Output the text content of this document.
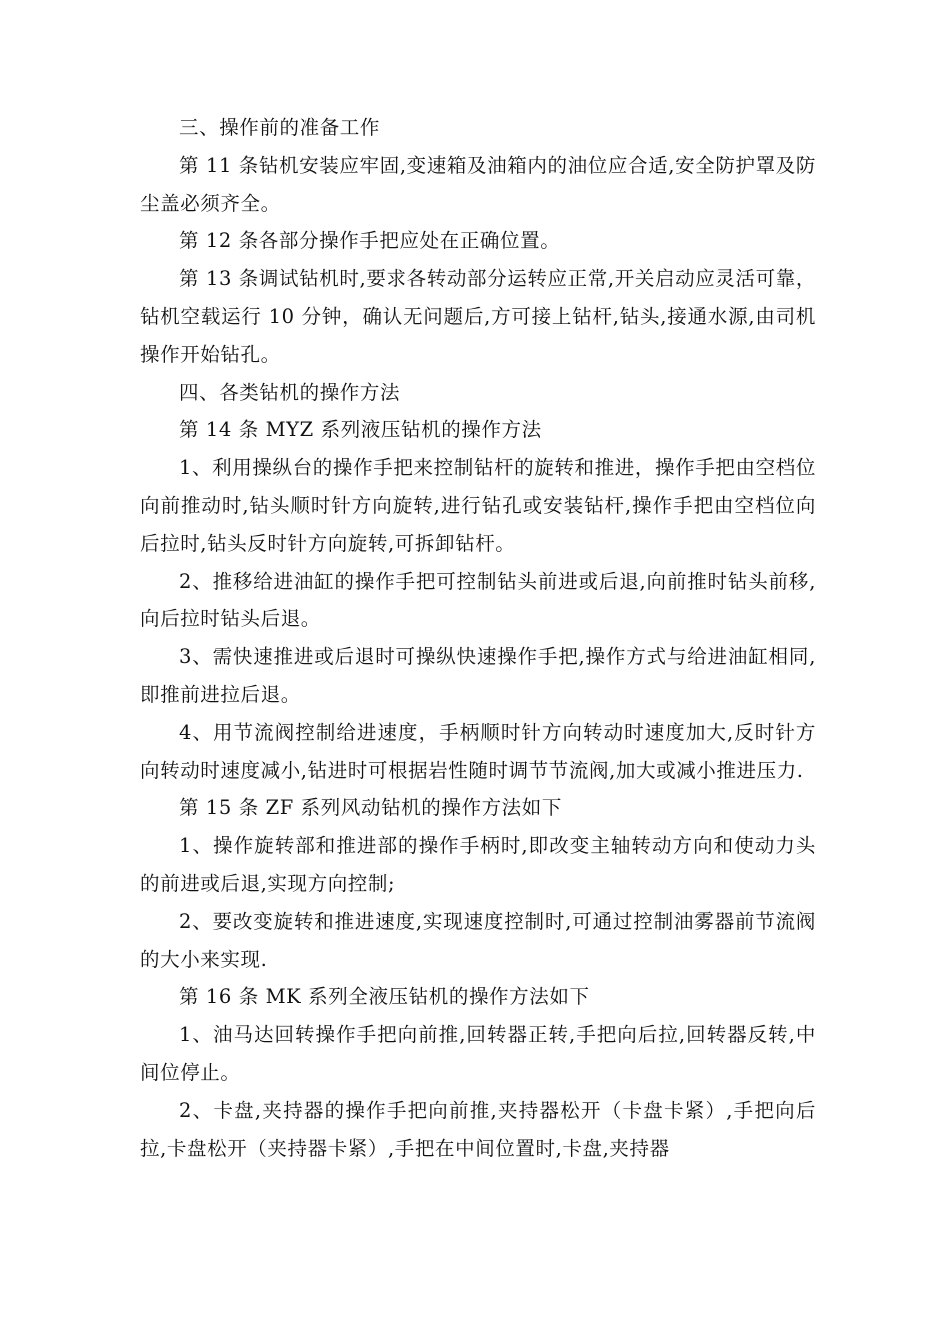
三、操作前的准备工作

第 11 条钻机安装应牢固,变速箱及油箱内的油位应合适,安全防护罩及防尘盖必须齐全。

第 12 条各部分操作手把应处在正确位置。

第 13 条调试钻机时,要求各转动部分运转应正常,开关启动应灵活可靠，钻机空载运行 10 分钟，确认无问题后,方可接上钻杆,钻头,接通水源,由司机操作开始钻孔。

四、各类钻机的操作方法

第 14 条 MYZ 系列液压钻机的操作方法

1、利用操纵台的操作手把来控制钻杆的旋转和推进，操作手把由空档位向前推动时,钻头顺时针方向旋转,进行钻孔或安装钻杆,操作手把由空档位向后拉时,钻头反时针方向旋转,可拆卸钻杆。

2、推移给进油缸的操作手把可控制钻头前进或后退,向前推时钻头前移,向后拉时钻头后退。

3、需快速推进或后退时可操纵快速操作手把,操作方式与给进油缸相同,即推前进拉后退。

4、用节流阀控制给进速度，手柄顺时针方向转动时速度加大,反时针方向转动时速度减小,钻进时可根据岩性随时调节节流阀,加大或减小推进压力.

第 15 条 ZF 系列风动钻机的操作方法如下

1、操作旋转部和推进部的操作手柄时,即改变主轴转动方向和使动力头的前进或后退,实现方向控制;

2、要改变旋转和推进速度,实现速度控制时,可通过控制油雾器前节流阀的大小来实现.

第 16 条 MK 系列全液压钻机的操作方法如下

1、油马达回转操作手把向前推,回转器正转,手把向后拉,回转器反转,中间位停止。

2、卡盘,夹持器的操作手把向前推,夹持器松开（卡盘卡紧）,手把向后拉,卡盘松开（夹持器卡紧）,手把在中间位置时,卡盘,夹持器
